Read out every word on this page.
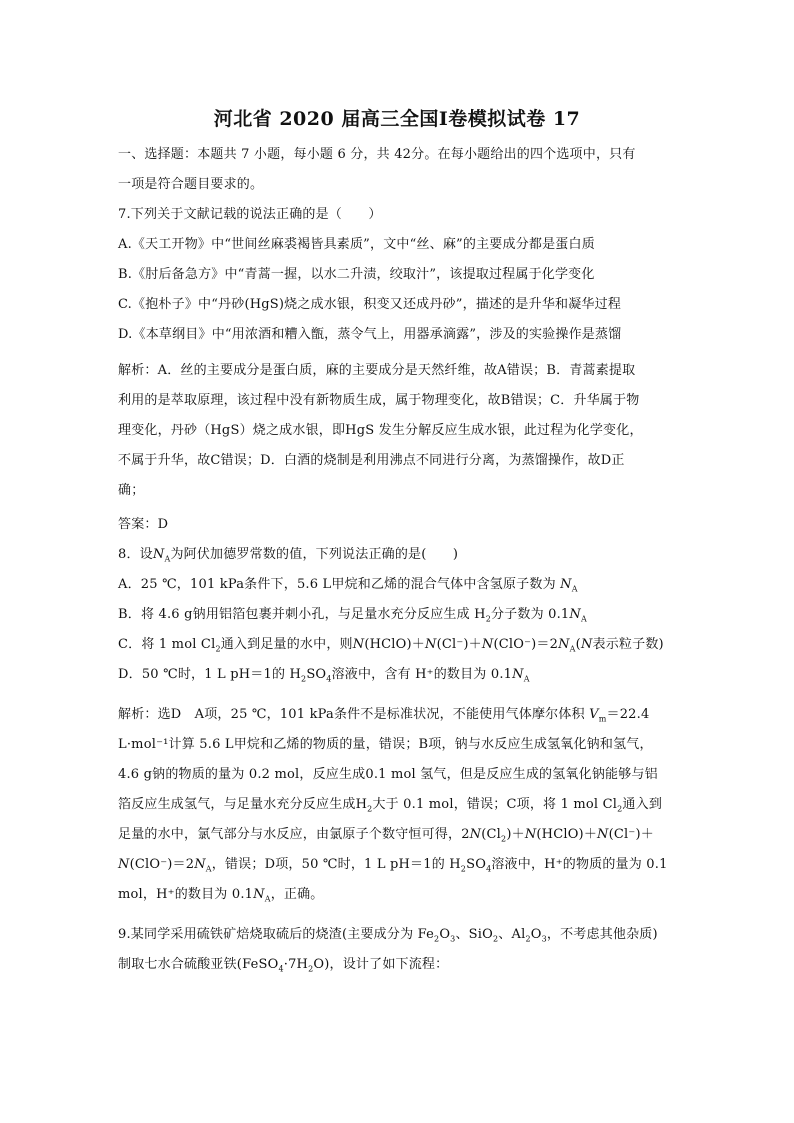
河北省 2020 届高三全国Ⅰ卷模拟试卷 17
一、选择题：本题共 7 小题，每小题 6 分，共 42分。在每小题给出的四个选项中，只有
一项是符合题目要求的。
7.下列关于文献记载的说法正确的是（　　）
A.《天工开物》中“世间丝麻裘褐皆具素质”，文中“丝、麻”的主要成分都是蛋白质
B.《肘后备急方》中“青蒿一握，以水二升渍，绞取汁”，该提取过程属于化学变化
C.《抱朴子》中“丹砂(HgS)烧之成水银，积变又还成丹砂”，描述的是升华和凝华过程
D.《本草纲目》中“用浓酒和糟入甑，蒸令气上，用器承滴露”，涉及的实验操作是蒸馏
解析：A．丝的主要成分是蛋白质，麻的主要成分是天然纤维，故A错误；B．青蒿素提取
利用的是萃取原理，该过程中没有新物质生成，属于物理变化，故B错误；C．升华属于物
理变化，丹砂（HgS）烧之成水银，即HgS 发生分解反应生成水银，此过程为化学变化，
不属于升华，故C错误；D．白酒的烧制是利用沸点不同进行分离，为蒸馏操作，故D正
确；
答案：D
8．设$N_A$为阿伏加德罗常数的值，下列说法正确的是(　　)
A．25 ℃，101 kPa条件下，5.6 L甲烷和乙烯的混合气体中含氢原子数为 $N_A$
B．将 4.6 g钠用铝箔包裹并刺小孔，与足量水充分反应生成 $H_2$分子数为 $0.1N_A$
C．将 1 mol $Cl_2$通入到足量的水中，则$N(HClO)+N(Cl^-)+N(ClO^-)=2N_A(N$表示粒子数)
D．50 ℃时，1 L pH＝1的 $H_2SO_4$溶液中，含有 H⁺的数目为 $0.1N_A$
解析：选D　A项，25 ℃，101 kPa条件不是标准状况，不能使用气体摩尔体积 $V_m=22.4$
L·mol⁻¹计算 5.6 L甲烷和乙烯的物质的量，错误；B项，钠与水反应生成氢氧化钠和氢气，
4.6 g钠的物质的量为 0.2 mol，反应生成0.1 mol 氢气，但是反应生成的氢氧化钠能够与铝
箔反应生成氢气，与足量水充分反应生成$H_2$大于 0.1 mol，错误；C项，将 1 mol $Cl_2$通入到
足量的水中，氯气部分与水反应，由氯原子个数守恒可得，$2N(Cl_2)+N(HClO)+N(Cl^-)+$
$N(ClO^-)=2N_A$，错误；D项，50 ℃时，1 L pH＝1的 $H_2SO_4$溶液中，H⁺的物质的量为 0.1
mol，H⁺的数目为 $0.1N_A$，正确。
9.某同学采用硫铁矿焙烧取硫后的烧渣(主要成分为 $Fe_2O_3$、SiO$_2$、$Al_2O_3$，不考虑其他杂质)
制取七水合硫酸亚铁$(FeSO_4\cdot 7H_2O)$，设计了如下流程：
